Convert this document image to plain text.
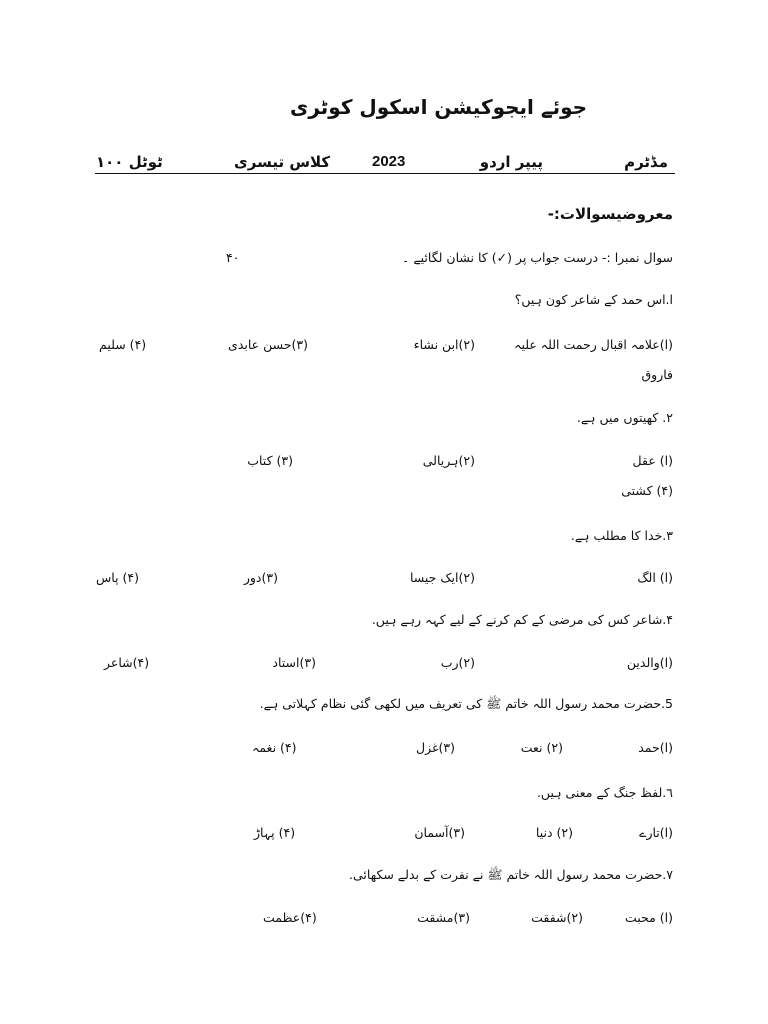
جوئے ایجوکیشن اسکول کوٹری
مڈٹرم
پیپر اردو
2023
کلاس تیسری
ٹوٹل ۱۰۰
معروضیسوالات:-
سوال نمبرا :- درست جواب پر (✓) کا نشان لگائیے ۔
۴۰
ا.اس حمد کے شاعر کون ہیں؟
(ا)علامہ اقبال رحمت اللہ علیہ
(۲)ابن نشاء
(۳)حسن عابدی
(۴) سلیم
فاروق
۲. کھیتوں میں ہے.
(ا) عقل
(۲)ہریالی
(۳) کتاب
(۴) کشتی
۳.خدا کا مطلب ہے.
(ا) الگ
(۲)ایک جیسا
(۳)دور
(۴) پاس
۴.شاعر کس کی مرضی کے کم کرنے کے لیے کہہ رہے ہیں.
(ا)والدین
(۲)رب
(۳)استاد
(۴)شاعر
5.حضرت محمد رسول اللہ خاتم ﷺ کی تعریف میں لکھی گئی نظام کہلاتی ہے.
(ا)حمد
(۲) نعت
(۳)غزل
(۴) نغمہ
٦.لفظ جنگ کے معنی ہیں.
(ا)تارے
(۲) دنیا
(۳)آسمان
(۴) پہاڑ
۷.حضرت محمد رسول اللہ خاتم ﷺ نے نفرت کے بدلے سکھائی.
(ا) محبت
(۲)شفقت
(۳)مشقت
(۴)عظمت
